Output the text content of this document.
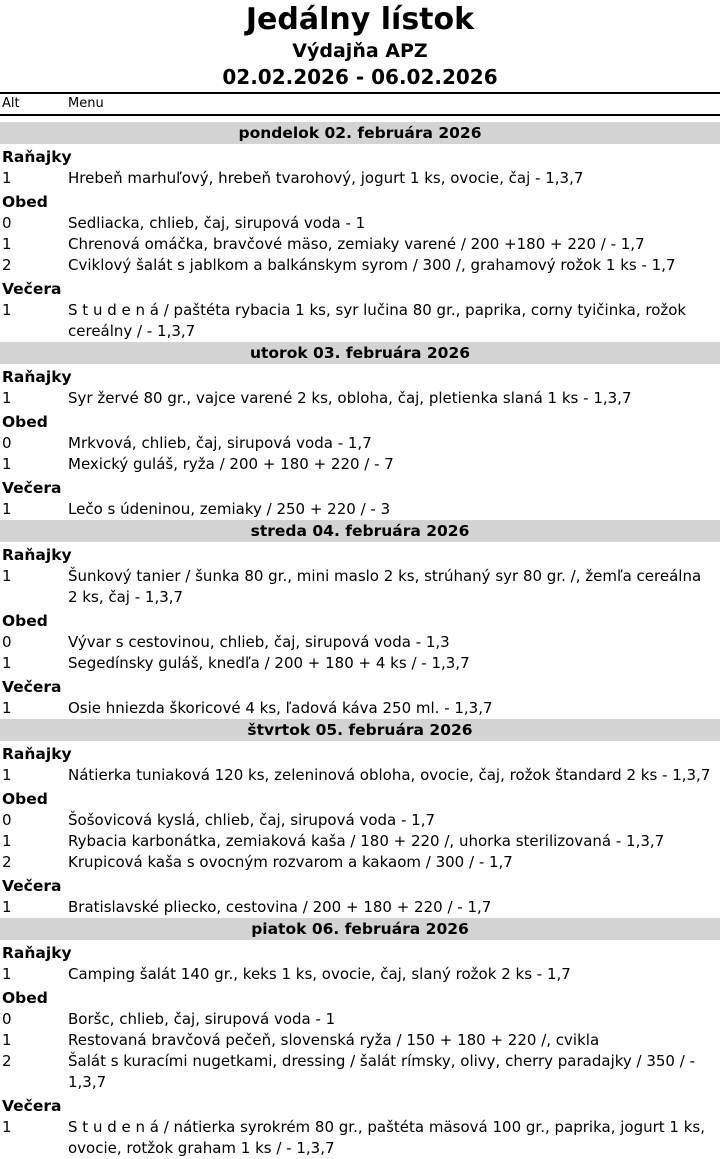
Jedálny lístok
Výdajňa APZ
02.02.2026 - 06.02.2026
Alt	Menu
pondelok 02. februára 2026
Raňajky
1	Hrebeň marhuľový, hrebeň tvarohový, jogurt 1 ks, ovocie, čaj - 1,3,7
Obed
0	Sedliacka, chlieb, čaj, sirupová voda - 1
1	Chrenová omáčka, bravčové mäso, zemiaky varené / 200 +180 + 220 / - 1,7
2	Cviklový šalát s jablkom a balkánskym syrom / 300 /, grahamový rožok 1 ks - 1,7
Večera
1	S t u d e n á / paštéta rybacia 1 ks, syr lučina 80 gr., paprika, corny tyičinka, rožok cereálny / - 1,3,7
utorok 03. februára 2026
Raňajky
1	Syr žervé 80 gr., vajce varené 2 ks, obloha, čaj, pletienka slaná 1 ks - 1,3,7
Obed
0	Mrkvová, chlieb, čaj, sirupová voda - 1,7
1	Mexický guláš, ryža / 200 + 180 + 220 / - 7
Večera
1	Lečo s údeninou, zemiaky / 250 + 220 / - 3
streda 04. februára 2026
Raňajky
1	Šunkový tanier / šunka 80 gr., mini maslo 2 ks, strúhaný syr 80 gr. /, žemľa cereálna 2 ks, čaj - 1,3,7
Obed
0	Vývar s cestovinou, chlieb, čaj, sirupová voda - 1,3
1	Segedínsky guláš, knedľa / 200 + 180 + 4 ks / - 1,3,7
Večera
1	Osie hniezda škoricové 4 ks, ľadová káva 250 ml. - 1,3,7
štvrtok 05. februára 2026
Raňajky
1	Nátierka tuniaková 120 ks, zeleninová obloha, ovocie, čaj, rožok štandard 2 ks - 1,3,7
Obed
0	Šošovicová kyslá, chlieb, čaj, sirupová voda - 1,7
1	Rybacia karbonátka, zemiaková kaša / 180 + 220 /, uhorka sterilizovaná - 1,3,7
2	Krupicová kaša s ovocným rozvarom a kakaom / 300 / - 1,7
Večera
1	Bratislavské pliecko, cestovina / 200 + 180 + 220 / - 1,7
piatok 06. februára 2026
Raňajky
1	Camping šalát 140 gr., keks 1 ks, ovocie, čaj, slaný rožok 2 ks - 1,7
Obed
0	Boršc, chlieb, čaj, sirupová voda - 1
1	Restovaná bravčová pečeň, slovenská ryža / 150 + 180 + 220 /, cvikla
2	Šalát s kuracími nugetkami, dressing / šalát rímsky, olivy, cherry paradajky / 350 / - 1,3,7
Večera
1	S t u d e n á / nátierka syrokrém 80 gr., paštéta mäsová 100 gr., paprika, jogurt 1 ks, ovocie, rotžok graham 1 ks / - 1,3,7
